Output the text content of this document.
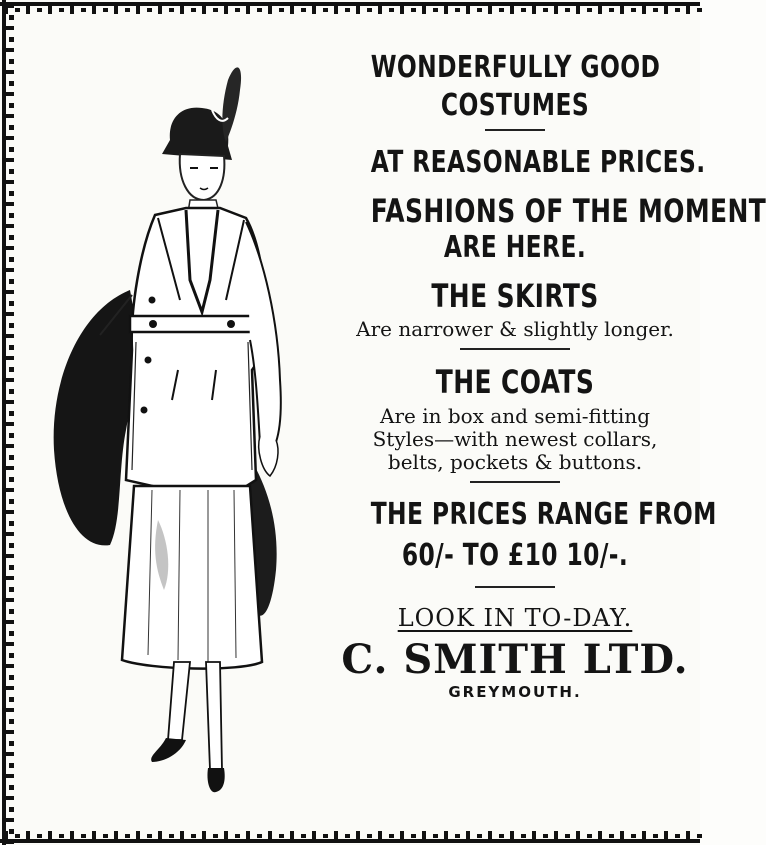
WONDERFULLY GOOD
COSTUMES
AT REASONABLE PRICES.
FASHIONS OF THE MOMENT
ARE HERE.
THE SKIRTS
Are narrower & slightly longer.
THE COATS
Are in box and semi-fitting
Styles—with newest collars,
belts, pockets & buttons.
THE PRICES RANGE FROM
60/- TO £10 10/-.
LOOK IN TO-DAY.
C. SMITH LTD.
GREYMOUTH.
